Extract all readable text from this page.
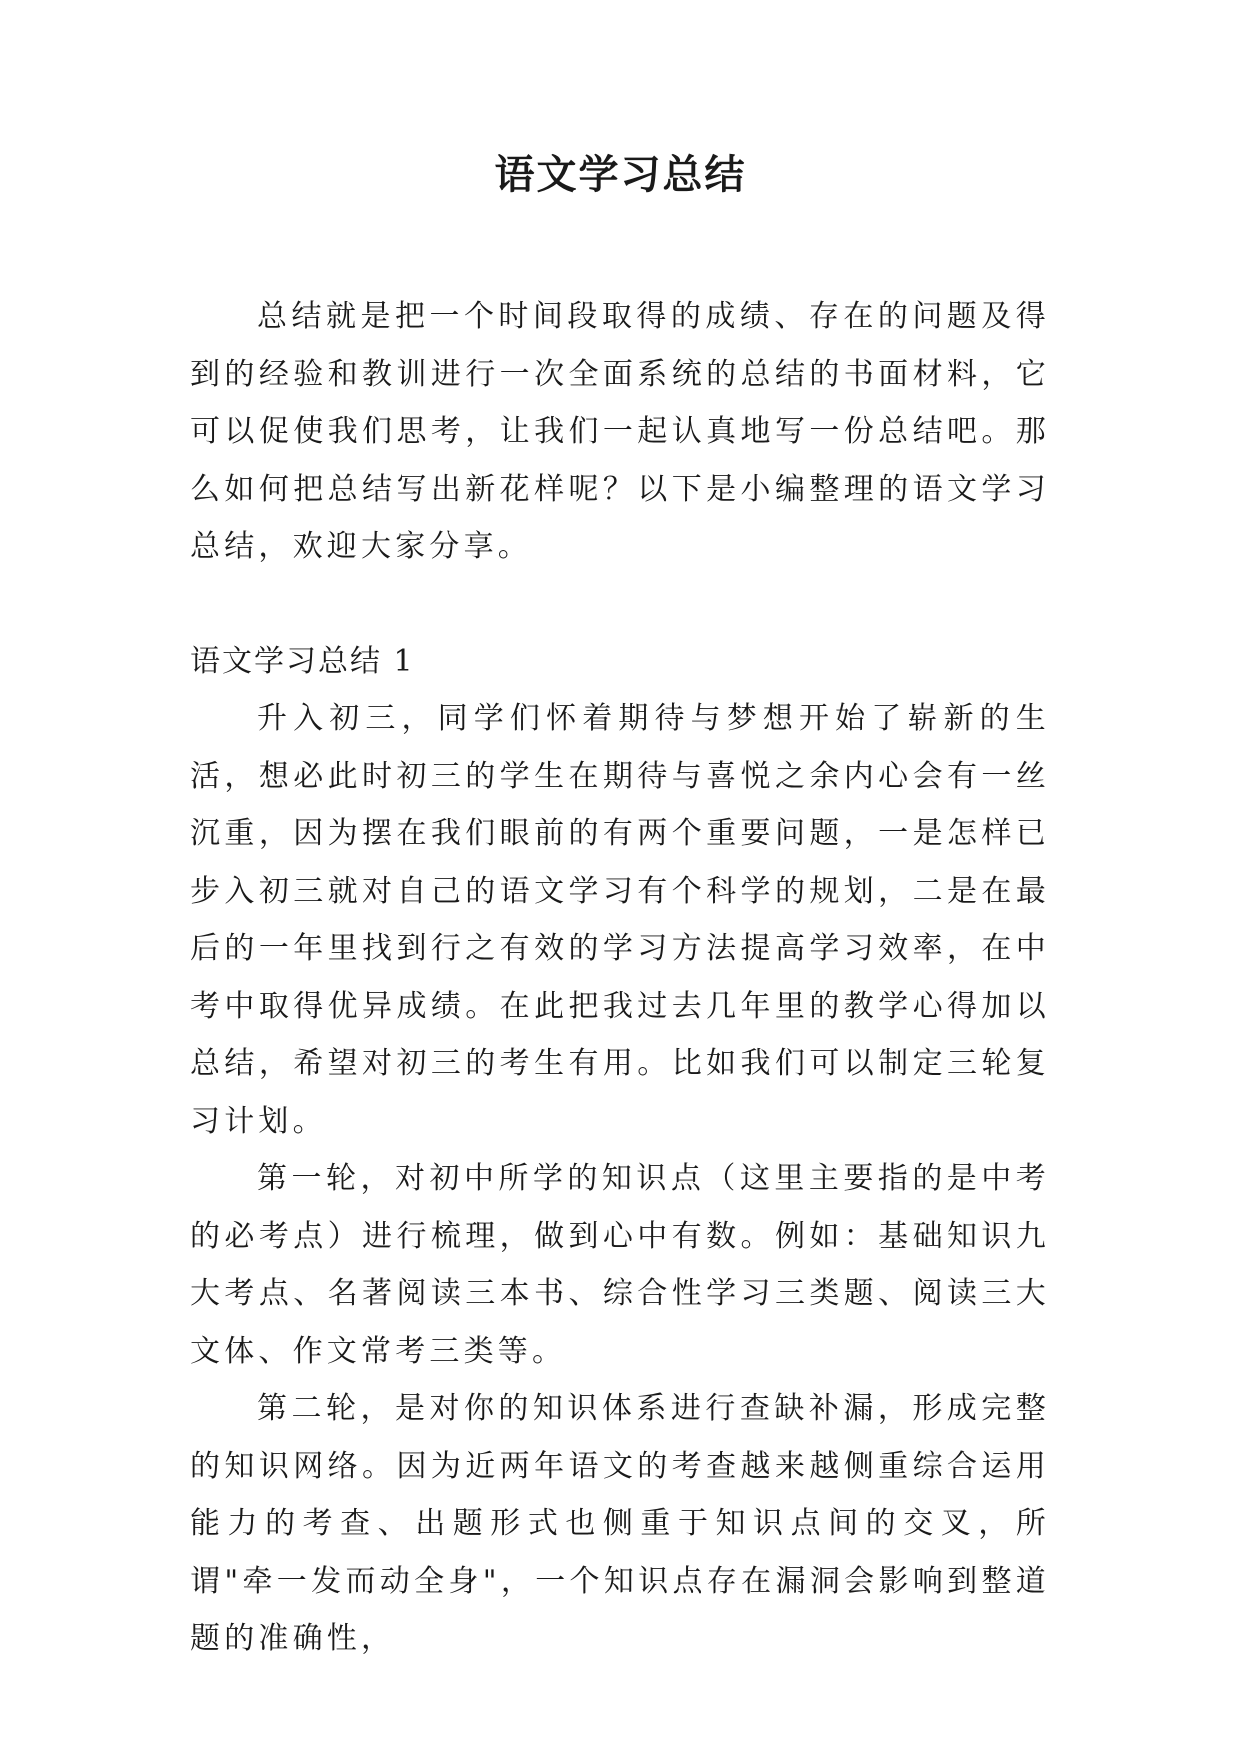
语文学习总结

总结就是把一个时间段取得的成绩、存在的问题及得到的经验和教训进行一次全面系统的总结的书面材料，它可以促使我们思考，让我们一起认真地写一份总结吧。那么如何把总结写出新花样呢？以下是小编整理的语文学习总结，欢迎大家分享。

语文学习总结 1

升入初三，同学们怀着期待与梦想开始了崭新的生活，想必此时初三的学生在期待与喜悦之余内心会有一丝沉重，因为摆在我们眼前的有两个重要问题，一是怎样已步入初三就对自己的语文学习有个科学的规划，二是在最后的一年里找到行之有效的学习方法提高学习效率，在中考中取得优异成绩。在此把我过去几年里的教学心得加以总结，希望对初三的考生有用。比如我们可以制定三轮复习计划。

第一轮，对初中所学的知识点（这里主要指的是中考的必考点）进行梳理，做到心中有数。例如：基础知识九大考点、名著阅读三本书、综合性学习三类题、阅读三大文体、作文常考三类等。

第二轮，是对你的知识体系进行查缺补漏，形成完整的知识网络。因为近两年语文的考查越来越侧重综合运用能力的考查、出题形式也侧重于知识点间的交叉，所谓"牵一发而动全身"，一个知识点存在漏洞会影响到整道题的准确性，
